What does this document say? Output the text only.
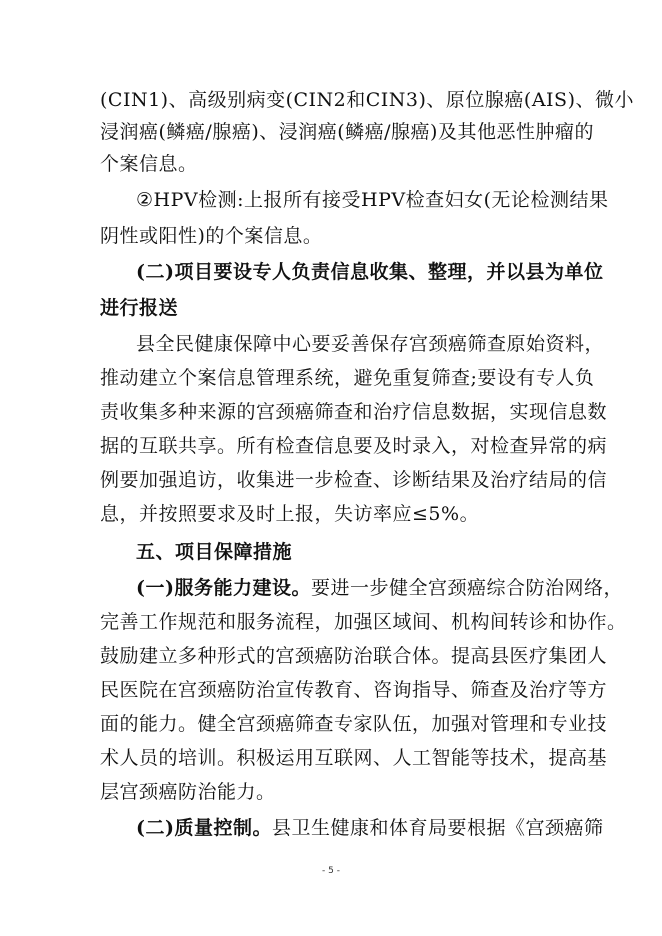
(CIN1)、高级别病变(CIN2和CIN3)、原位腺癌(AIS)、微小
浸润癌(鳞癌/腺癌)、浸润癌(鳞癌/腺癌)及其他恶性肿瘤的
个案信息。
②HPV检测:上报所有接受HPV检查妇女(无论检测结果
阴性或阳性)的个案信息。
(二)项目要设专人负责信息收集、整理，并以县为单位
进行报送
县全民健康保障中心要妥善保存宫颈癌筛查原始资料，
推动建立个案信息管理系统，避免重复筛查;要设有专人负
责收集多种来源的宫颈癌筛查和治疗信息数据，实现信息数
据的互联共享。所有检查信息要及时录入，对检查异常的病
例要加强追访，收集进一步检查、诊断结果及治疗结局的信
息，并按照要求及时上报，失访率应≤5%。
五、项目保障措施
(一)服务能力建设。要进一步健全宫颈癌综合防治网络，
完善工作规范和服务流程，加强区域间、机构间转诊和协作。
鼓励建立多种形式的宫颈癌防治联合体。提高县医疗集团人
民医院在宫颈癌防治宣传教育、咨询指导、筛查及治疗等方
面的能力。健全宫颈癌筛查专家队伍，加强对管理和专业技
术人员的培训。积极运用互联网、人工智能等技术，提高基
层宫颈癌防治能力。
(二)质量控制。县卫生健康和体育局要根据《宫颈癌筛
- 5 -
